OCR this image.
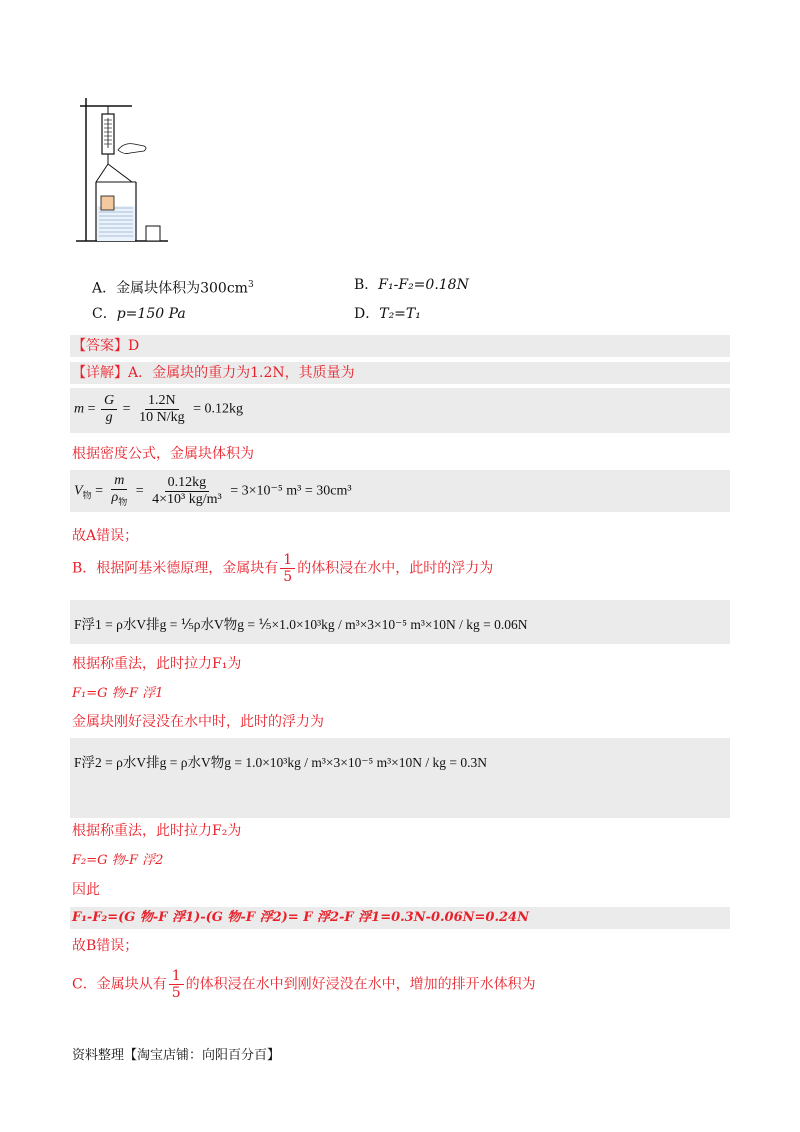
A．金属块体积为$300cm^3$	B．F₁-F₂=0.18N
C．p=150 Pa	D．T₂=T₁
【答案】D
【详解】A．金属块的重力为1.2N，其质量为
$m = \frac{G}{g} = \frac{1.2N}{10 N/kg} = 0.12kg$
根据密度公式，金属块体积为
$V_物 = \frac{m}{\rho_物} = \frac{0.12kg}{\text{4×10³ kg/m³}} = 3\times 10^{-5}$ m³ = 30cm³
故A错误；
B．根据阿基米德原理，金属块有 $\frac{1}{5}$ 的体积浸在水中，此时的浮力为
F浮1 = ρ水V排g = ⅕ρ水V物g = ⅕×1.0×10³kg / m³×3×10⁻⁵ m³×10N / kg = 0.06N
根据称重法，此时拉力F₁为
F₁=G 物-F 浮1
金属块刚好浸没在水中时，此时的浮力为
F浮2 = ρ水V排g = ρ水V物g = 1.0×10³kg / m³×3×10⁻⁵ m³×10N / kg = 0.3N
根据称重法，此时拉力F₂为
F₂=G 物-F 浮2
因此
F₁-F₂=(G 物-F 浮1)-(G 物-F 浮2)= F 浮2-F 浮1=0.3N-0.06N=0.24N
故B错误；
C．金属块从有 $\frac{1}{5}$ 的体积浸在水中到刚好浸没在水中，增加的排开水体积为
资料整理【淘宝店铺：向阳百分百】
